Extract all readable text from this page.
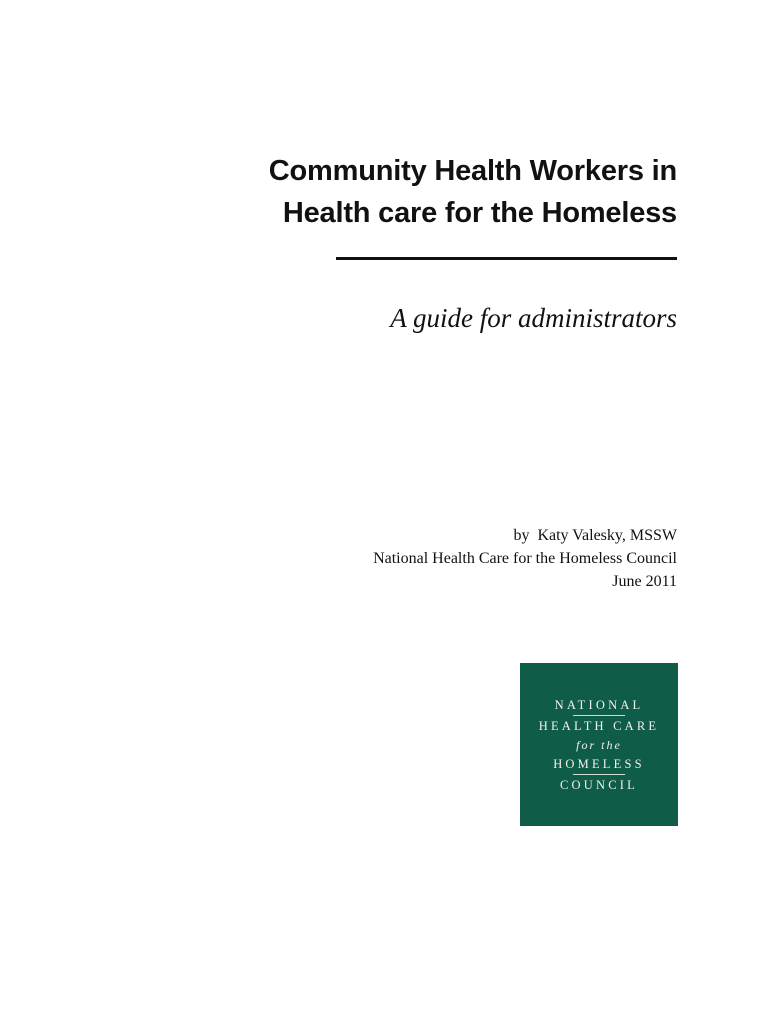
Community Health Workers in
Health care for the Homeless
A guide for administrators
by  Katy Valesky, MSSW
National Health Care for the Homeless Council
June 2011
NATIONAL
HEALTH CARE
for the
HOMELESS
COUNCIL
